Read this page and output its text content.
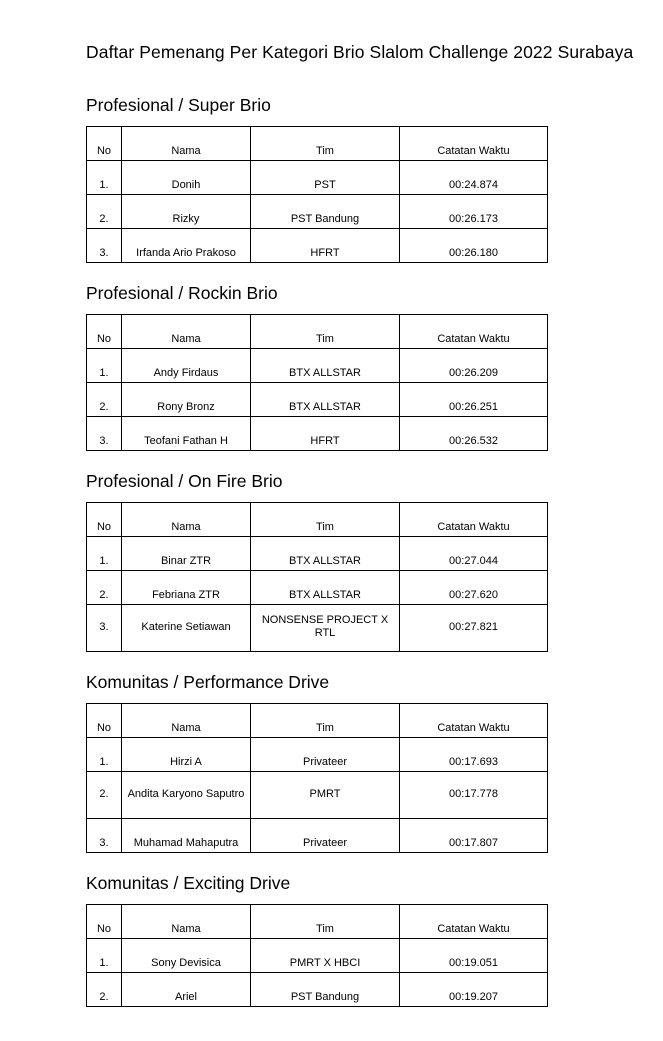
Daftar Pemenang Per Kategori Brio Slalom Challenge 2022 Surabaya
Profesional / Super Brio
No	Nama	Tim	Catatan Waktu
1.	Donih	PST	00:24.874
2.	Rizky	PST Bandung	00:26.173
3.	Irfanda Ario Prakoso	HFRT	00:26.180
Profesional / Rockin Brio
No	Nama	Tim	Catatan Waktu
1.	Andy Firdaus	BTX ALLSTAR	00:26.209
2.	Rony Bronz	BTX ALLSTAR	00:26.251
3.	Teofani Fathan H	HFRT	00:26.532
Profesional / On Fire Brio
No	Nama	Tim	Catatan Waktu
1.	Binar ZTR	BTX ALLSTAR	00:27.044
2.	Febriana ZTR	BTX ALLSTAR	00:27.620
3.	Katerine Setiawan	NONSENSE PROJECT X RTL	00:27.821
Komunitas / Performance Drive
No	Nama	Tim	Catatan Waktu
1.	Hirzi A	Privateer	00:17.693
2.	Andita Karyono Saputro	PMRT	00:17.778
3.	Muhamad Mahaputra	Privateer	00:17.807
Komunitas / Exciting Drive
No	Nama	Tim	Catatan Waktu
1.	Sony Devisica	PMRT X HBCI	00:19.051
2.	Ariel	PST Bandung	00:19.207
